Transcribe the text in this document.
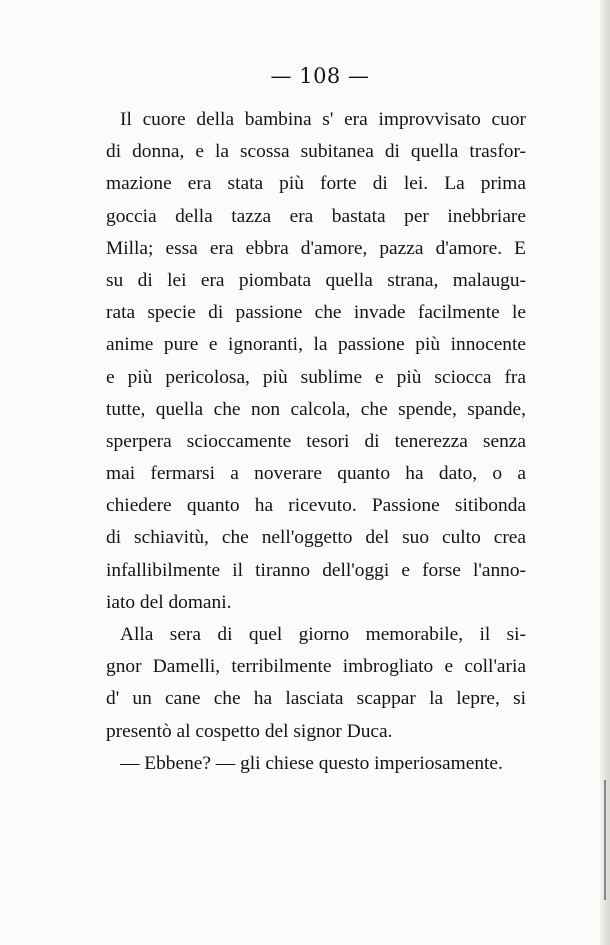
— 108 —
Il cuore della bambina s' era improvvisato cuor
di donna, e la scossa subitanea di quella trasfor-
mazione era stata più forte di lei. La prima
goccia della tazza era bastata per inebbriare
Milla; essa era ebbra d'amore, pazza d'amore. E
su di lei era piombata quella strana, malaugu-
rata specie di passione che invade facilmente le
anime pure e ignoranti, la passione più innocente
e più pericolosa, più sublime e più sciocca fra
tutte, quella che non calcola, che spende, spande,
sperpera scioccamente tesori di tenerezza senza
mai fermarsi a noverare quanto ha dato, o a
chiedere quanto ha ricevuto. Passione sitibonda
di schiavitù, che nell'oggetto del suo culto crea
infallibilmente il tiranno dell'oggi e forse l'anno-
iato del domani.
Alla sera di quel giorno memorabile, il si-
gnor Damelli, terribilmente imbrogliato e coll'aria
d' un cane che ha lasciata scappar la lepre, si
presentò al cospetto del signor Duca.
— Ebbene? — gli chiese questo imperiosamente.
